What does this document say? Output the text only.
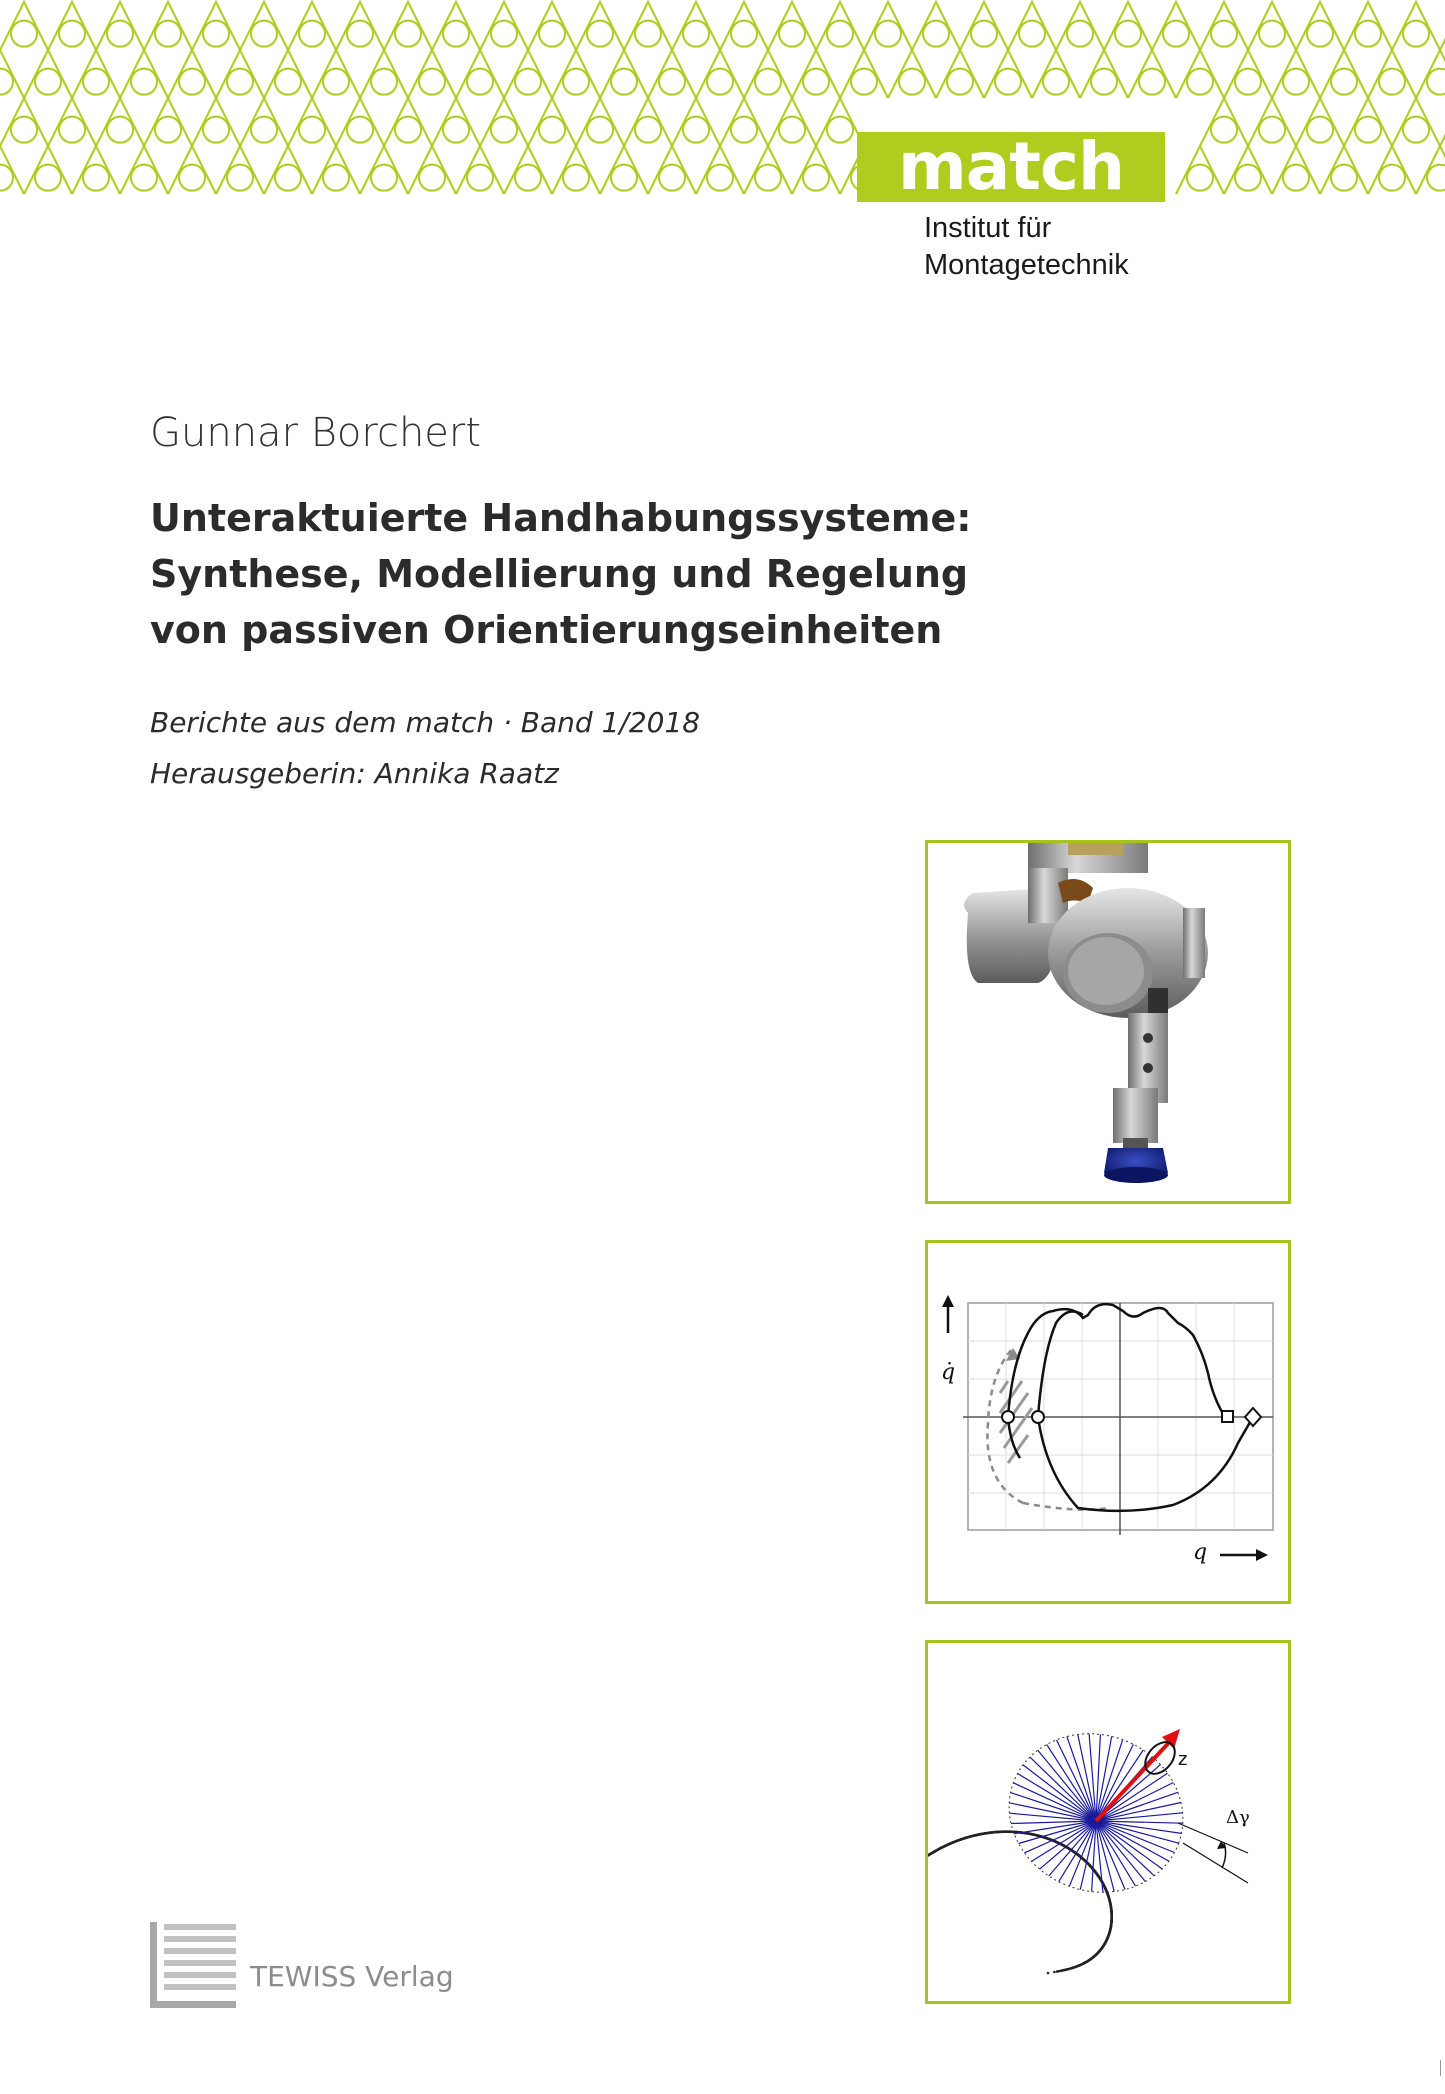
match
Institut für
Montagetechnik
Gunnar Borchert
Unteraktuierte Handhabungssysteme:
Synthese, Modellierung und Regelung
von passiven Orientierungseinheiten
Berichte aus dem match · Band 1/2018
Herausgeberin: Annika Raatz
q̇
q
z
Δγ
TEWISS Verlag
